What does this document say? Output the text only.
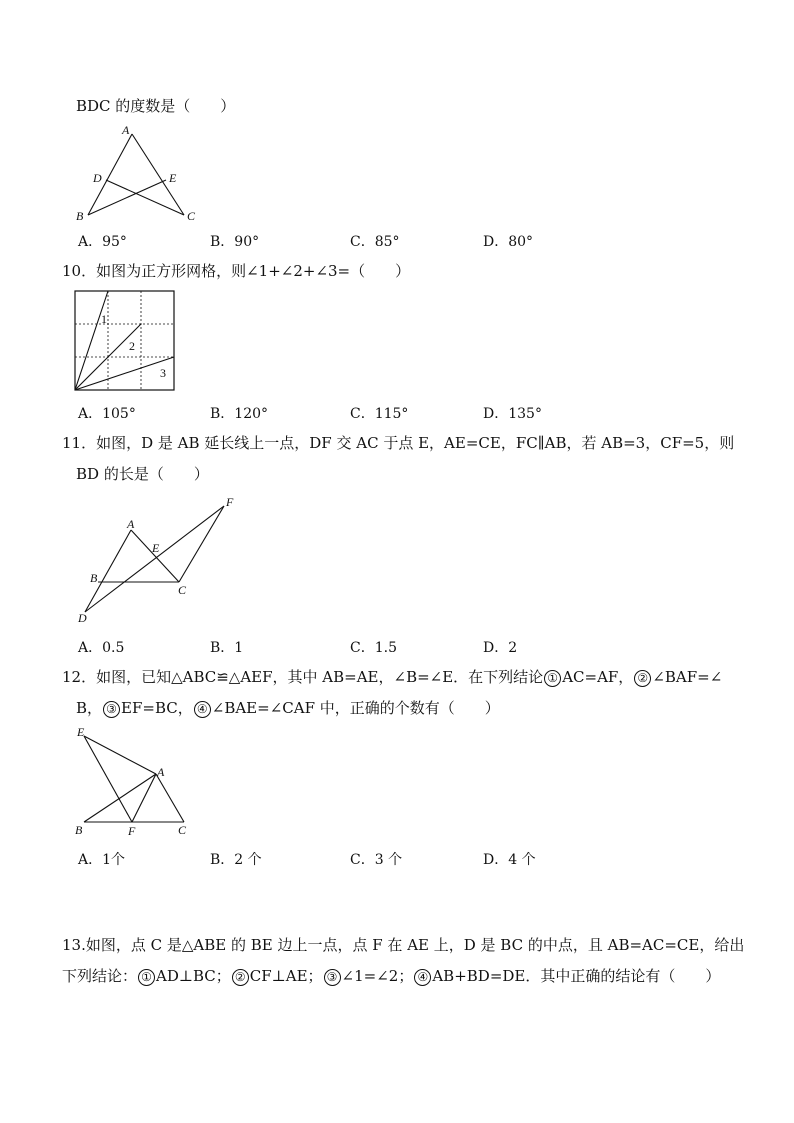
BDC 的度数是（　　）
A
B	C
D	E
A．95°	B．90°	C．85°	D．80°
10．如图为正方形网格，则∠1+∠2+∠3=（　　）
1
2
3
A．105°	B．120°	C．115°	D．135°
11．如图，D 是 AB 延长线上一点，DF 交 AC 于点 E，AE=CE，FC∥AB，若 AB=3，CF=5，则
BD 的长是（　　）
A
B
C
D
E
F
A．0.5	B．1	C．1.5	D．2
12．如图，已知△ABC≌△AEF，其中 AB=AE，∠B=∠E．在下列结论 ① AC=AF， ② ∠BAF=∠
B， ③ EF=BC， ④ ∠BAE=∠CAF 中，正确的个数有（　　）
E
A
B	F	C
A．1个	B．2 个	C．3 个	D．4 个
13.如图，点 C 是△ABE 的 BE 边上一点，点 F 在 AE 上，D 是 BC 的中点，且 AB=AC=CE，给出
下列结论： ① AD⊥BC； ② CF⊥AE； ③ ∠1=∠2； ④ AB+BD=DE．其中正确的结论有（　　）
